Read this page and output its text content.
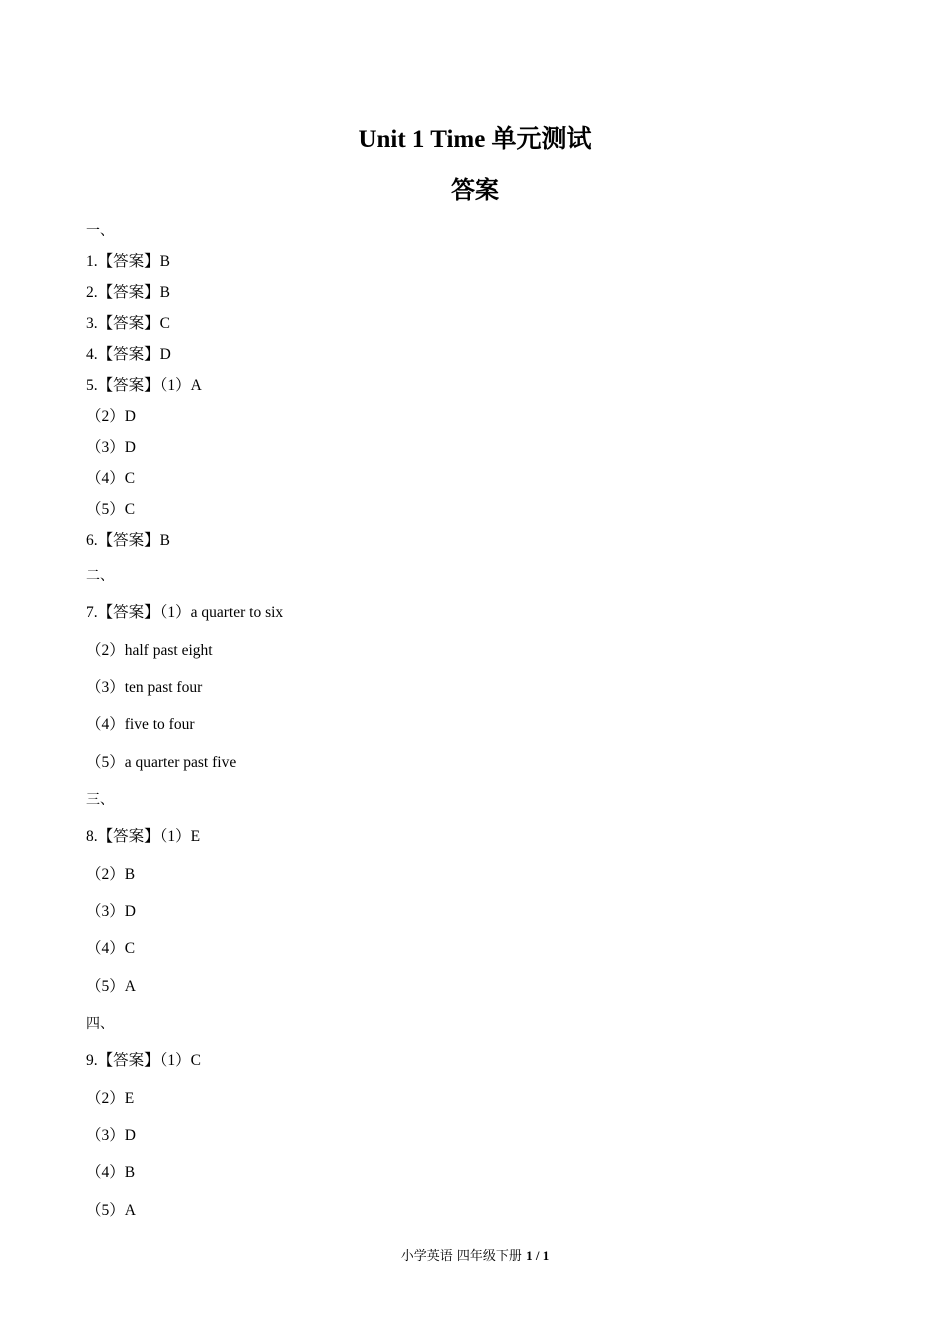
Unit 1 Time 单元测试
答案
一、
1.【答案】B
2.【答案】B
3.【答案】C
4.【答案】D
5.【答案】（1）A
（2）D
（3）D
（4）C
（5）C
6.【答案】B
二、
7.【答案】（1）a quarter to six
（2）half past eight
（3）ten past four
（4）five to four
（5）a quarter past five
三、
8.【答案】（1）E
（2）B
（3）D
（4）C
（5）A
四、
9.【答案】（1）C
（2）E
（3）D
（4）B
（5）A
小学英语 四年级下册 1 / 1
